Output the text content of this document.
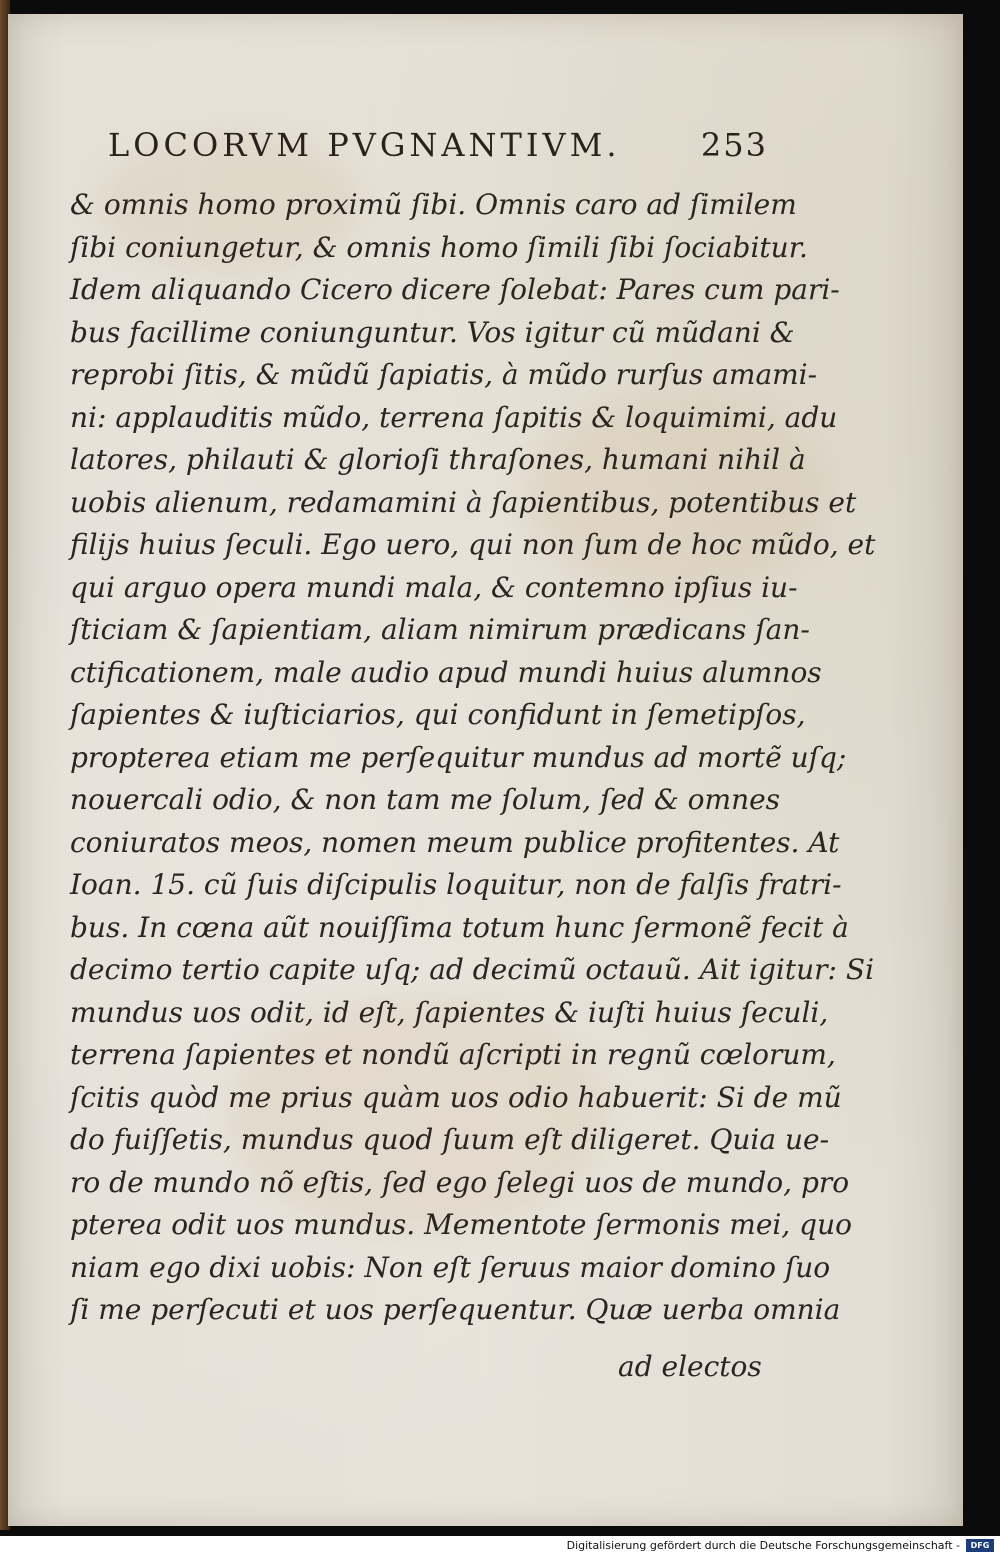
LOCORVM PVGNANTIVM.	253
& omnis homo proximũ ſibi. Omnis caro ad ſimilem
ſibi coniungetur, & omnis homo ſimili ſibi ſociabitur.
Idem aliquando Cicero dicere ſolebat: Pares cum pari-
bus facillime coniunguntur. Vos igitur cũ mũdani &
reprobi ſitis, & mũdũ ſapiatis, à mũdo rurſus amami-
ni: applauditis mũdo, terrena ſapitis & loquimimi, adu
latores, philauti & glorioſi thraſones, humani nihil à
uobis alienum, redamamini à ſapientibus, potentibus et
filijs huius ſeculi. Ego uero, qui non ſum de hoc mũdo, et
qui arguo opera mundi mala, & contemno ipſius iu-
ſticiam & ſapientiam, aliam nimirum prædicans ſan-
ctificationem, male audio apud mundi huius alumnos
ſapientes & iuſticiarios, qui confidunt in ſemetipſos,
propterea etiam me perſequitur mundus ad mortẽ uſq;
nouercali odio, & non tam me ſolum, ſed & omnes
coniuratos meos, nomen meum publice profitentes. At
Ioan. 15. cũ ſuis diſcipulis loquitur, non de falſis fratri-
bus. In cœna aũt nouiſſima totum hunc ſermonẽ fecit à
decimo tertio capite uſq; ad decimũ octauũ. Ait igitur: Si
mundus uos odit, id eſt, ſapientes & iuſti huius ſeculi,
terrena ſapientes et nondũ aſcripti in regnũ cœlorum,
ſcitis quòd me prius quàm uos odio habuerit: Si de mũ
do fuiſſetis, mundus quod ſuum eſt diligeret. Quia ue-
ro de mundo nõ eſtis, ſed ego ſelegi uos de mundo, pro
pterea odit uos mundus. Mementote ſermonis mei, quo
niam ego dixi uobis: Non eſt ſeruus maior domino ſuo
ſi me perſecuti et uos perſequentur. Quæ uerba omnia
ad electos
Digitalisierung gefördert durch die Deutsche Forschungsgemeinschaft -	DFG
